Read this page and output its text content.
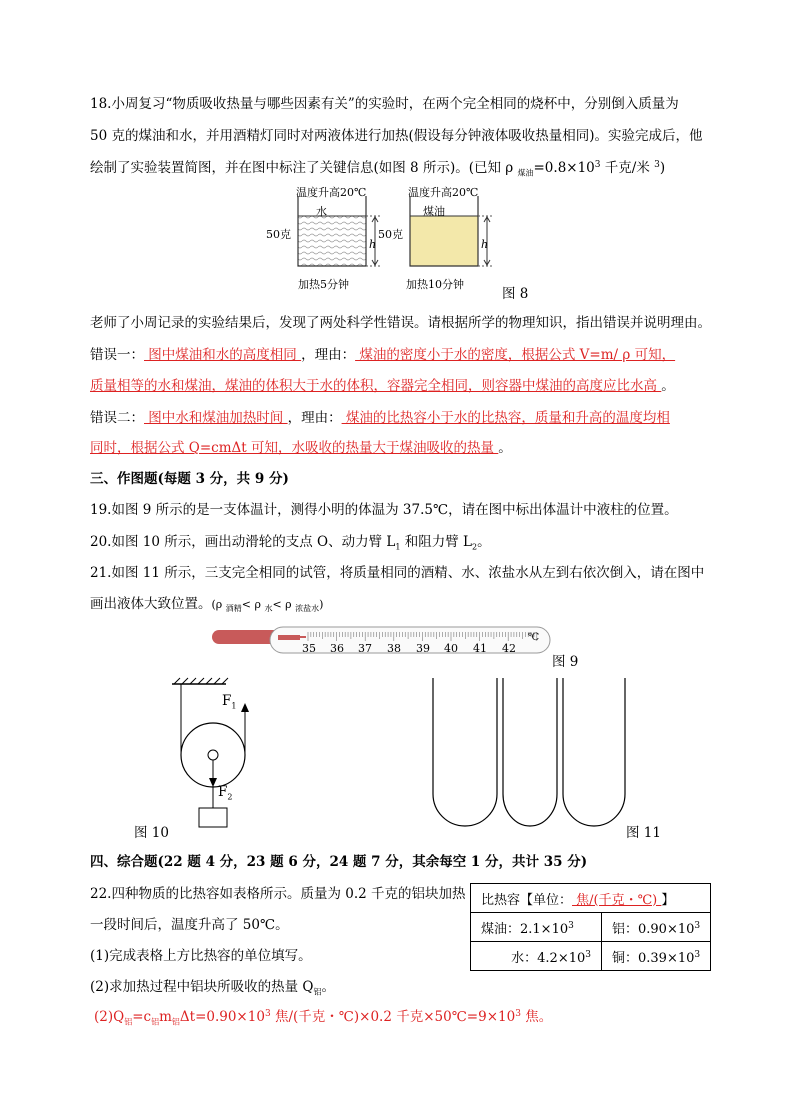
18.小周复习“物质吸收热量与哪些因素有关”的实验时，在两个完全相同的烧杯中，分别倒入质量为
50 克的煤油和水，并用酒精灯同时对两液体进行加热(假设每分钟液体吸收热量相同)。实验完成后，他
绘制了实验装置简图，并在图中标注了关键信息(如图 8 所示)。(已知 ρ $_{煤油}=0.8\times 10^3$ 千克/米 $^3$)
温度升高20℃	温度升高20℃
水	煤油
50克	50克
h	h
加热5分钟	加热10分钟
图 8
老师了小周记录的实验结果后，发现了两处科学性错误。请根据所学的物理知识，指出错误并说明理由。
错误一： 图中煤油和水的高度相同 ，理由： 煤油的密度小于水的密度，根据公式 V=m/ ρ 可知，
质量相等的水和煤油，煤油的体积大于水的体积，容器完全相同，则容器中煤油的高度应比水高 。
错误二： 图中水和煤油加热时间 ，理由： 煤油的比热容小于水的比热容，质量和升高的温度均相
同时，根据公式 Q=cmΔt 可知，水吸收的热量大于煤油吸收的热量 。
三、作图题(每题 3 分，共 9 分)
19.如图 9 所示的是一支体温计，测得小明的体温为 37.5℃，请在图中标出体温计中液柱的位置。
20.如图 10 所示，画出动滑轮的支点 O、动力臂 $L_1$ 和阻力臂 $L_2$。
21.如图 11 所示，三支完全相同的试管，将质量相同的酒精、水、浓盐水从左到右依次倒入，请在图中
画出液体大致位置。(ρ $_{酒精}$< ρ $_水$< ρ $_{浓盐水}$)
℃
35 36 37 38 39 40 41 42
图 9
$F_1$
$F_2$
图 10	图 11
四、综合题(22 题 4 分，23 题 6 分，24 题 7 分，其余每空 1 分，共计 35 分)
22.四种物质的比热容如表格所示。质量为 0.2 千克的铝块加热
一段时间后，温度升高了 50℃。
(1)完成表格上方比热容的单位填写。
(2)求加热过程中铝块所吸收的热量 $Q_铝$。
$(2)Q_铝=c_铝m_铝\Delta t=0.90\times 10^3$ 焦/(千克・℃)×0.2 千克$\times 50℃=9\times 10^3$ 焦。
比热容【单位： 焦/(千克・℃) 】	
煤油：$2.1\times 10^3$	铝：$0.90\times 10^3$
水：$4.2\times 10^3$	铜：$0.39\times 10^3$
